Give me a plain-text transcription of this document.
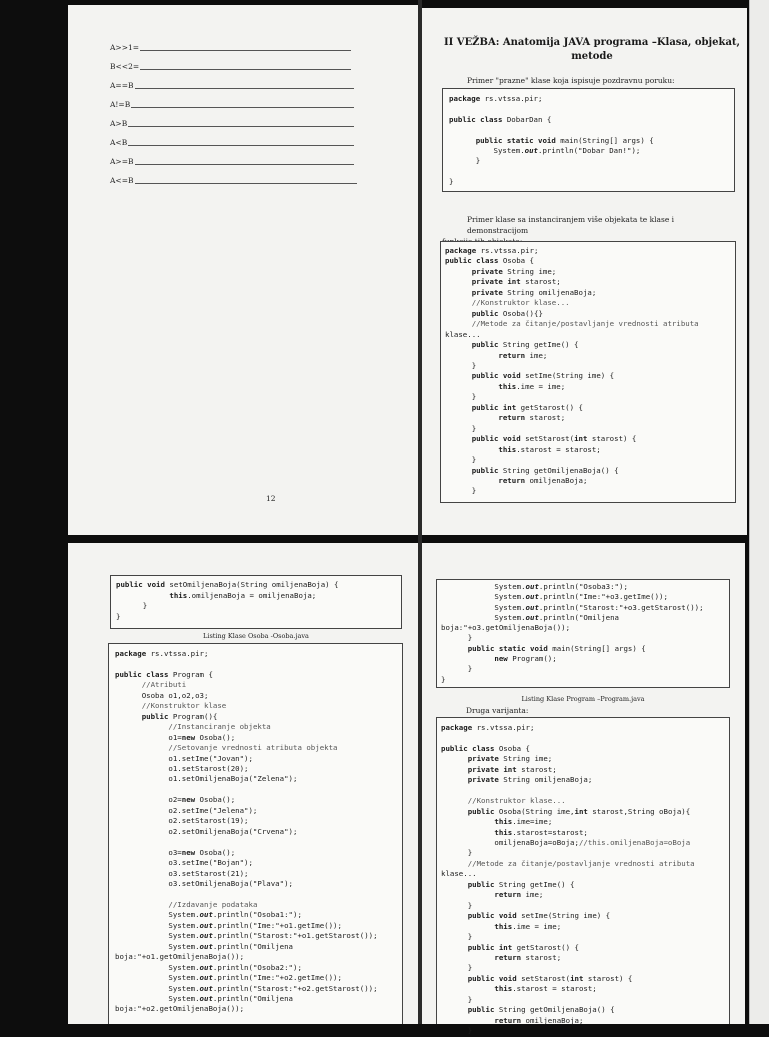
A>>1=
B<<2=
A==B
A!=B
A>B
A<B
A>=B
A<=B
12
II VEŽBA: Anatomija JAVA programa –Klasa, objekat,
metode
Primer "prazne" klase koja ispisuje pozdravnu poruku:
package rs.vtssa.pir;

public class DobarDan {

public static void main(String[] args) {
System.out.println("Dobar Dan!");
}

}
Primer klase sa instanciranjem više objekata te klase i demonstracijom
package rs.vtssa.pir;
public class Osoba {
private String ime;
private int starost;
private String omiljenaBoja;
//Konstruktor klase...
public Osoba(){}
//Metode za čitanje/postavljanje vrednosti atributa
klase...
public String getIme() {
return ime;
}
public void setIme(String ime) {
this.ime = ime;
}
public int getStarost() {
return starost;
}
public void setStarost(int starost) {
this.starost = starost;
}
public String getOmiljenaBoja() {
return omiljenaBoja;
}
public void setOmiljenaBoja(String omiljenaBoja) {
this.omiljenaBoja = omiljenaBoja;
}
}
Listing Klase Osoba -Osoba.java
package rs.vtssa.pir;

public class Program {
//Atributi
Osoba o1,o2,o3;
//Konstruktor klase
public Program(){
//Instanciranje objekta
o1=new Osoba();
//Setovanje vrednosti atributa objekta
o1.setIme("Jovan");
o1.setStarost(20);
o1.setOmiljenaBoja("Zelena");

o2=new Osoba();
o2.setIme("Jelena");
o2.setStarost(19);
o2.setOmiljenaBoja("Crvena");

o3=new Osoba();
o3.setIme("Bojan");
o3.setStarost(21);
o3.setOmiljenaBoja("Plava");

//Izdavanje podataka
System.out.println("Osoba1:");
System.out.println("Ime:"+o1.getIme());
System.out.println("Starost:"+o1.getStarost());
System.out.println("Omiljena
boja:"+o1.getOmiljenaBoja());
System.out.println("Osoba2:");
System.out.println("Ime:"+o2.getIme());
System.out.println("Starost:"+o2.getStarost());
System.out.println("Omiljena
boja:"+o2.getOmiljenaBoja());
System.out.println("Osoba3:");
System.out.println("Ime:"+o3.getIme());
System.out.println("Starost:"+o3.getStarost());
System.out.println("Omiljena
boja:"+o3.getOmiljenaBoja());
}
public static void main(String[] args) {
new Program();
}
}
Listing Klase Program –Program.java
Druga varijanta:
package rs.vtssa.pir;

public class Osoba {
private String ime;
private int starost;
private String omiljenaBoja;

//Konstruktor klase...
public Osoba(String ime,int starost,String oBoja){
this.ime=ime;
this.starost=starost;
omiljenaBoja=oBoja;//this.omiljenaBoja=oBoja
}
//Metode za čitanje/postavljanje vrednosti atributa
klase...
public String getIme() {
return ime;
}
public void setIme(String ime) {
this.ime = ime;
}
public int getStarost() {
return starost;
}
public void setStarost(int starost) {
this.starost = starost;
}
public String getOmiljenaBoja() {
return omiljenaBoja;
}
